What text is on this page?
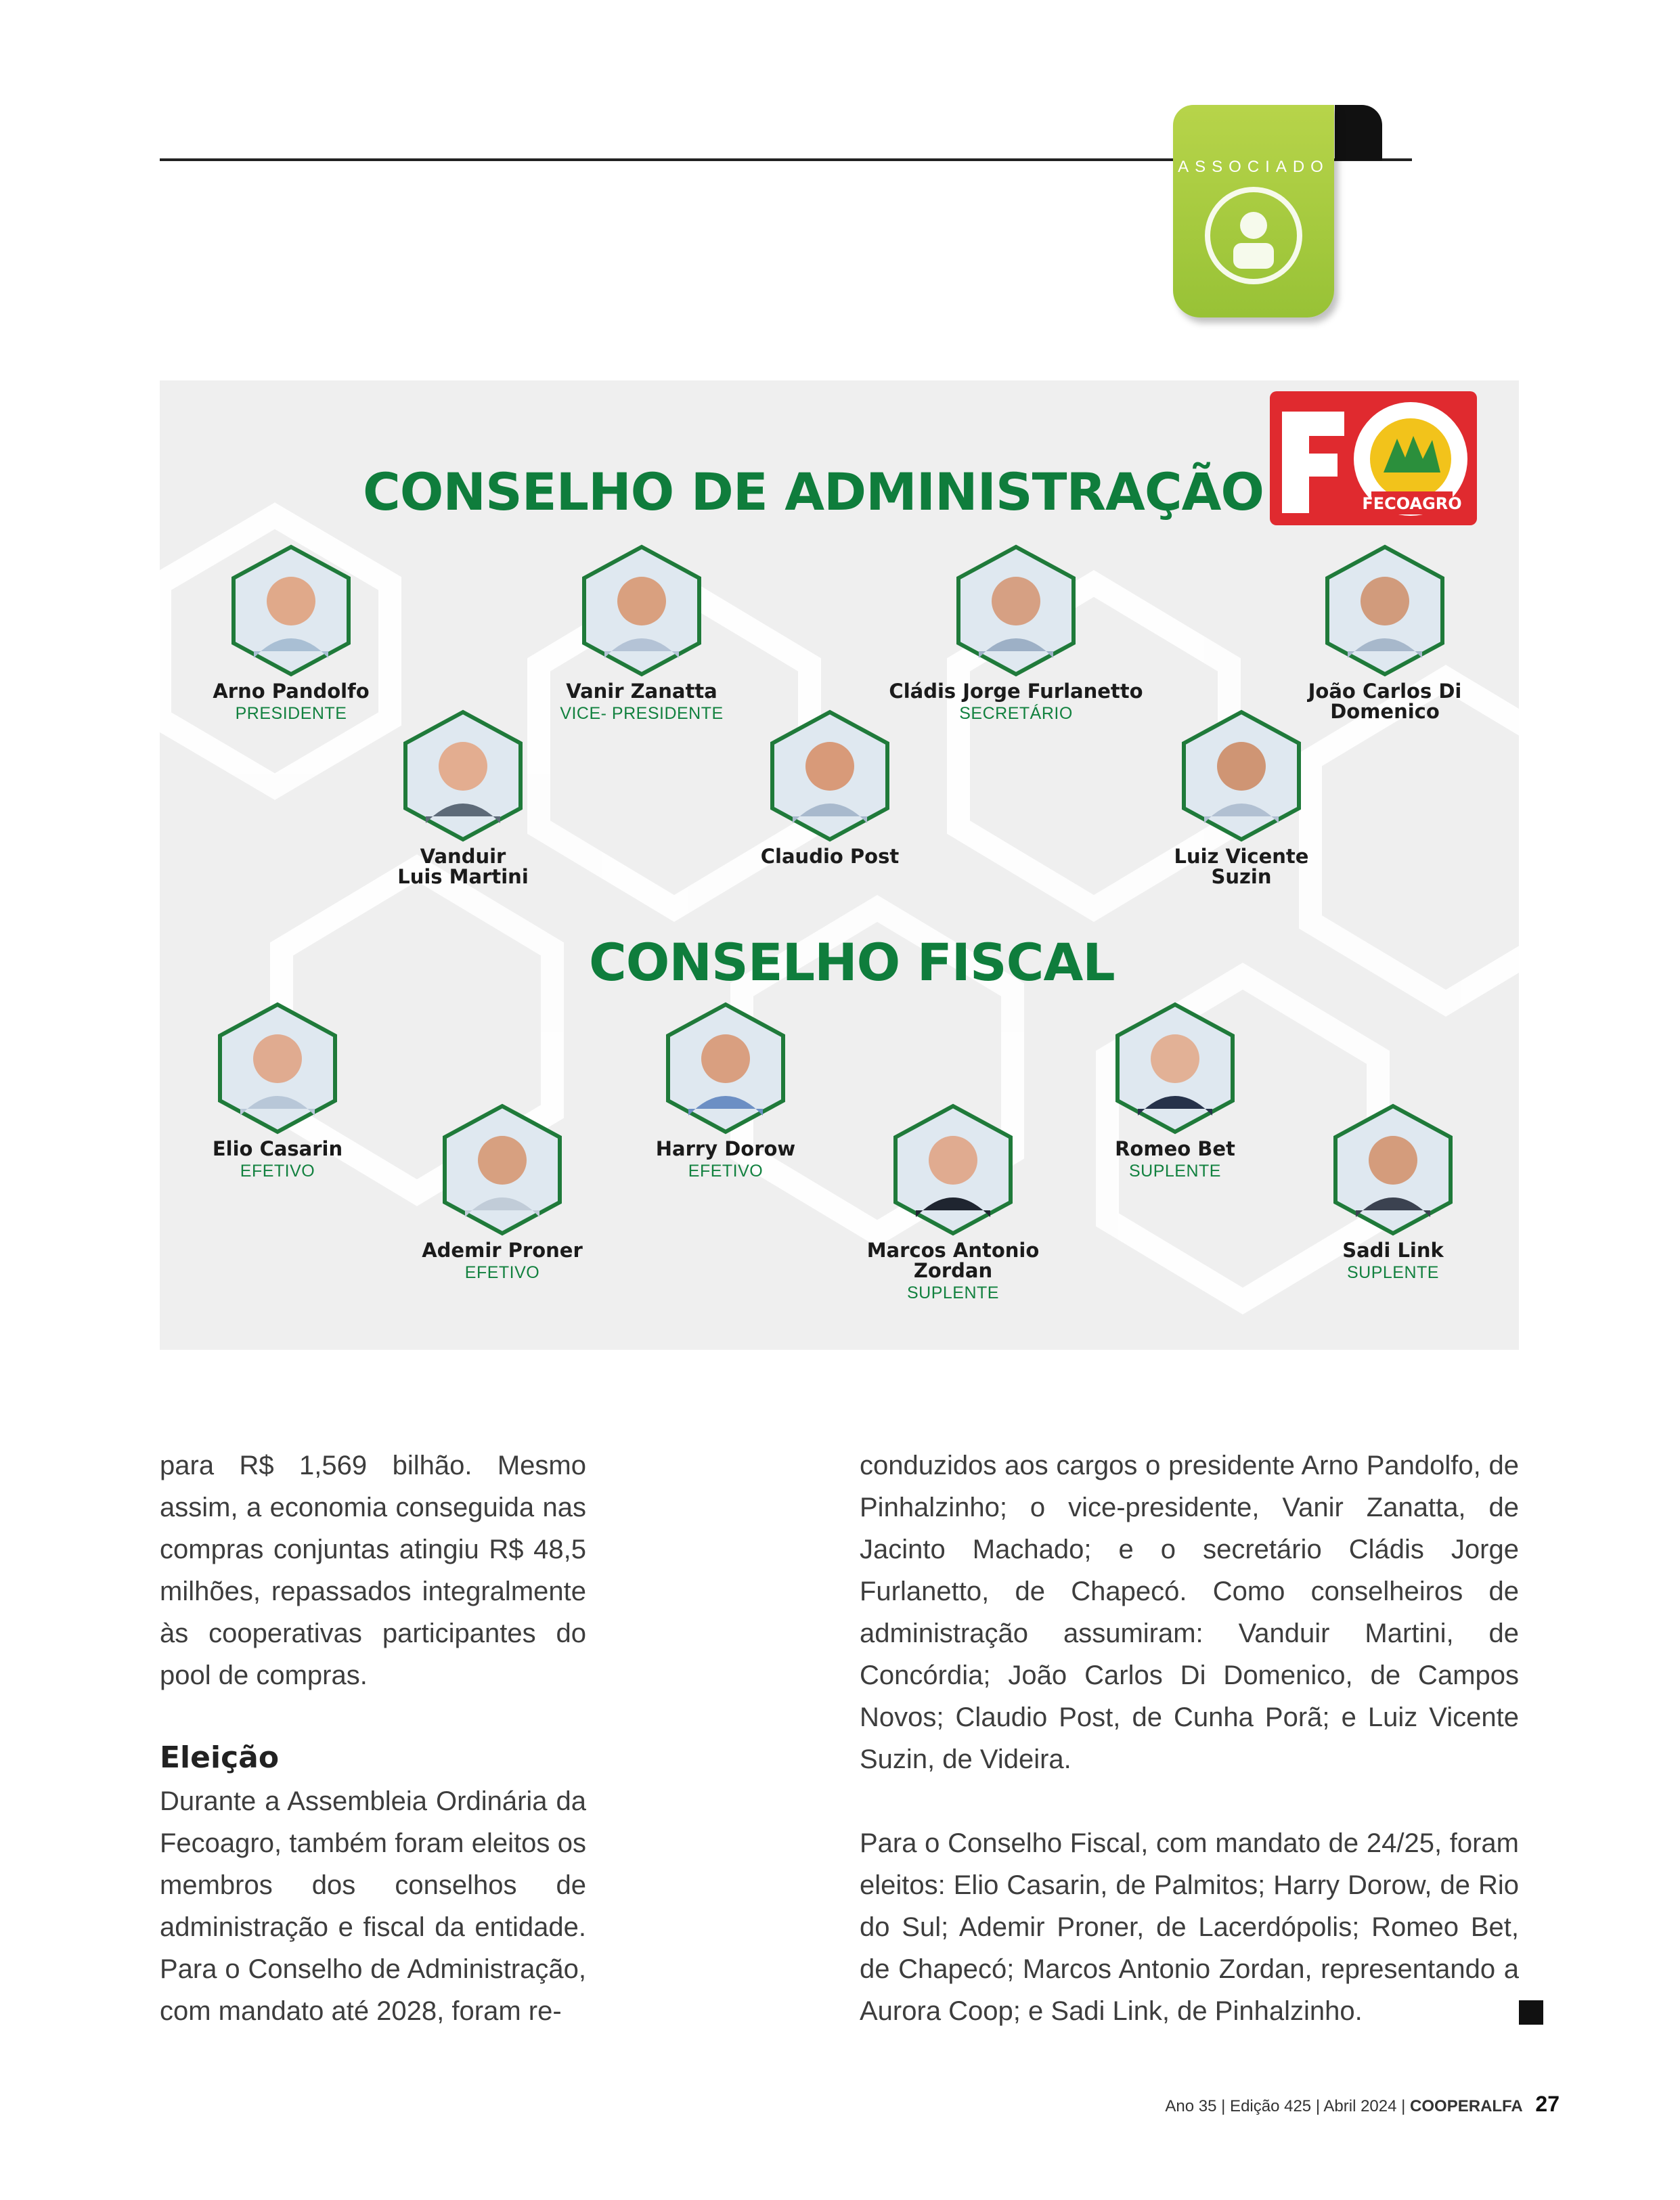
ASSOCIADO
CONSELHO DE ADMINISTRAÇÃO
CONSELHO FISCAL
FECOAGRO
Arno Pandolfo
PRESIDENTE
Vanir Zanatta
VICE- PRESIDENTE
Cládis Jorge Furlanetto
SECRETÁRIO
João Carlos Di Domenico
Vanduir Luis Martini
Claudio Post	Luiz Vicente Suzin
Elio Casarin
EFETIVO
Harry Dorow
EFETIVO
Romeo Bet
SUPLENTE
Ademir Proner
EFETIVO
Marcos Antonio Zordan
SUPLENTE
Sadi Link
SUPLENTE

para R$ 1,569 bilhão. Mesmo assim, a economia conseguida nas compras conjuntas atingiu R$ 48,5 milhões, repassados integralmente às cooperativas participantes do pool de compras.

Eleição

Durante a Assembleia Ordinária da Fecoagro, também foram eleitos os membros dos conselhos de administração e fiscal da entidade. Para o Conselho de Administração, com mandato até 2028, foram re-

conduzidos aos cargos o presidente Arno Pandolfo, de Pinhalzinho; o vice-presidente, Vanir Zanatta, de Jacinto Machado; e o secretário Cládis Jorge Furlanetto, de Chapecó. Como conselheiros de administração assumiram: Vanduir Martini, de Concórdia; João Carlos Di Domenico, de Campos Novos; Claudio Post, de Cunha Porã; e Luiz Vicente Suzin, de Videira.

Para o Conselho Fiscal, com mandato de 24/25, foram eleitos: Elio Casarin, de Palmitos; Harry Dorow, de Rio do Sul; Ademir Proner, de Lacerdópolis; Romeo Bet, de Chapecó; Marcos Antonio Zordan, representando a Aurora Coop; e Sadi Link, de Pinhalzinho.

Ano 35 | Edição 425 | Abril 2024 | COOPERALFA 27
